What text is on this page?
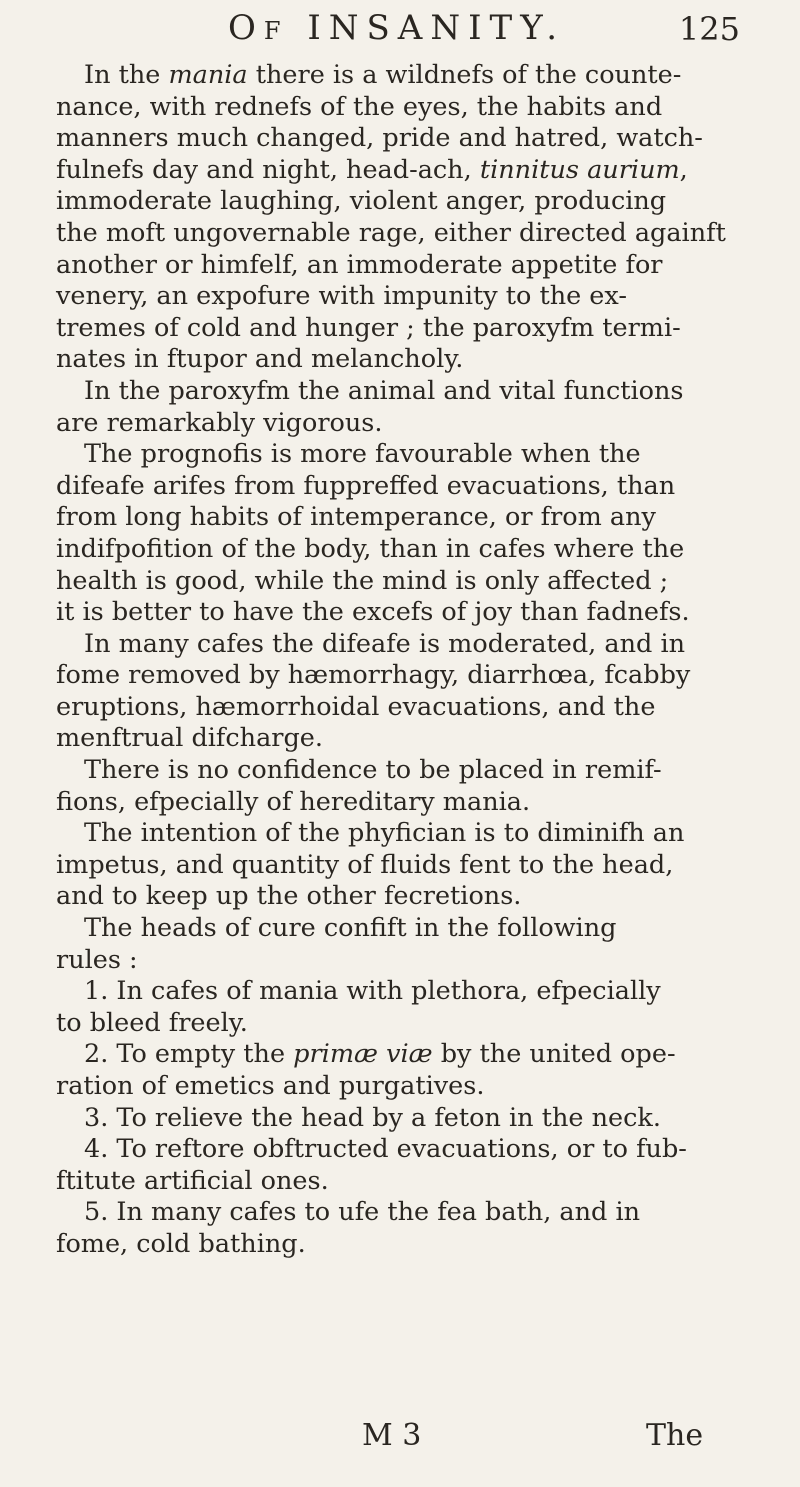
Of INSANITY.	125
In the mania there is a wildnefs of the counte-
nance, with rednefs of the eyes, the habits and
manners much changed, pride and hatred, watch-
fulnefs day and night, head-ach, tinnitus aurium,
immoderate laughing, violent anger, producing
the moft ungovernable rage, either directed againft
another or himfelf, an immoderate appetite for
venery, an expofure with impunity to the ex-
tremes of cold and hunger ; the paroxyfm termi-
nates in ftupor and melancholy.
In the paroxyfm the animal and vital functions
are remarkably vigorous.
The prognofis is more favourable when the
difeafe arifes from fuppreffed evacuations, than
from long habits of intemperance, or from any
indifpofition of the body, than in cafes where the
health is good, while the mind is only affected ;
it is better to have the excefs of joy than fadnefs.
In many cafes the difeafe is moderated, and in
fome removed by hæmorrhagy, diarrhœa, fcabby
eruptions, hæmorrhoidal evacuations, and the
menftrual difcharge.
There is no confidence to be placed in remif-
fions, efpecially of hereditary mania.
The intention of the phyfician is to diminifh an
impetus, and quantity of fluids fent to the head,
and to keep up the other fecretions.
The heads of cure confift in the following
rules :
1. In cafes of mania with plethora, efpecially
to bleed freely.
2. To empty the primæ viæ by the united ope-
ration of emetics and purgatives.
3. To relieve the head by a feton in the neck.
4. To reftore obftructed evacuations, or to fub-
ftitute artificial ones.
5. In many cafes to ufe the fea bath, and in
fome, cold bathing.
M 3	The
